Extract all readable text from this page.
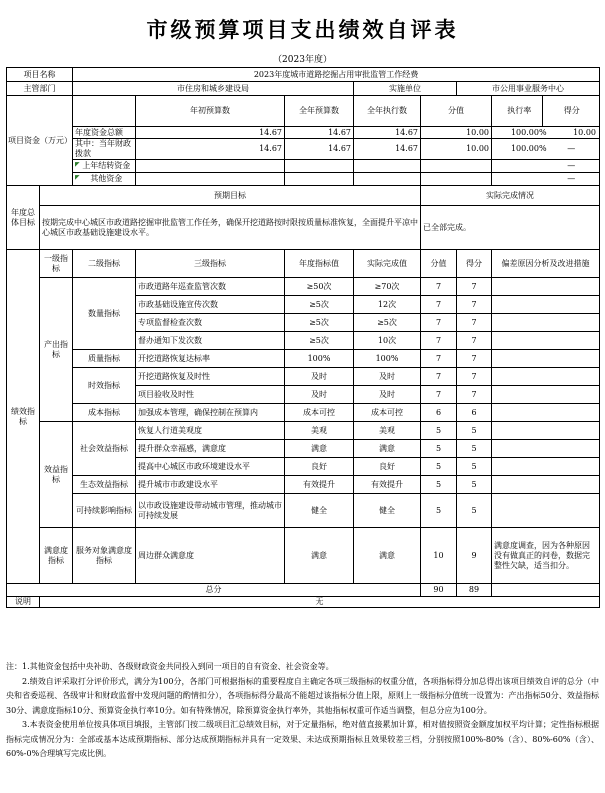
市级预算项目支出绩效自评表
（2023年度）
项目名称		2023年度城市道路挖掘占用审批监管工作经费						
主管部门		市住房和城乡建设局			实施单位		市公用事业服务中心	
项目资金（万元）			年初预算数	全年预算数	全年执行数	分值		执行率 得分
		年度资金总额	14.67	14.67	14.67	10.00		100.00% 10.00
		其中：当年财政拨款	14.67	14.67	14.67	10.00		100.00% —

		◤ 上年结转资金						—

		◤ 其他资金						—
年度总体目标	预期目标					实际完成情况		
	按期完成中心城区市政道路挖掘审批监管工作任务，确保开挖道路按时限按质量标准恢复，全面提升平凉中心城区市政基础设施建设水平。					已全部完成。		
绩效指标	一级指标	二级指标	三级指标	年度指标值	实际完成值	分值	得分	偏差原因分析及改进措施
	产出指标	数量指标	市政道路年巡查监管次数	≥50次	≥70次	7	7	
			市政基础设施宣传次数	≥5次	12次	7	7	
			专项监督检查次数	≥5次	≥5次	7	7	
			督办通知下发次数	≥5次	10次	7	7	
		质量指标	开挖道路恢复达标率	100%	100%	7	7	
		时效指标	开挖道路恢复及时性	及时	及时	7	7	
			项目验收及时性	及时	及时	7	7	
		成本指标	加强成本管理，确保控制在预算内	成本可控	成本可控	6	6	
	效益指标	社会效益指标	恢复人行道美观度	美观	美观	5	5	
			提升群众幸福感，满意度	满意	满意	5	5	
			提高中心城区市政环境建设水平	良好	良好	5	5	
		生态效益指标	提升城市市政建设水平	有效提升	有效提升	5	5	
		可持续影响指标	以市政设施建设带动城市管理，推动城市可持续发展	健全	健全	5	5	
	满意度指标	服务对象满意度指标	周边群众满意度	满意	满意	10	9	满意度调查，因为各种原因没有做真正的问卷，数据完整性欠缺，适当扣分。
总分						90	89	
说明	无							

注：1.其他资金包括中央补助、各级财政资金共同投入到同一项目的自有资金、社会资金等。

2.绩效自评采取打分评价形式，满分为100分，各部门可根据指标的重要程度自主确定各项三级指标的权重分值，各项指标得分加总得出该项目绩效自评的总分（中央和省委巡视、各级审计和财政监督中发现问题的酌情扣分），各项指标得分最高不能超过该指标分值上限，原则上一级指标分值统一设置为：产出指标50分、效益指标30分、满意度指标10分、预算资金执行率10分。如有特殊情况，除预算资金执行率外，其他指标权重可作适当调整，但总分应为100分。

3.本表资金使用单位按具体项目填报，主管部门按二级项目汇总绩效目标，对于定量指标，绝对值直接累加计算，相对值按照资金额度加权平均计算；定性指标根据指标完成情况分为：全部或基本达成预期指标、部分达成预期指标并具有一定效果、未达成预期指标且效果较差三档，分别按照100%-80%（含）、80%-60%（含）、60%-0%合理填写完成比例。
